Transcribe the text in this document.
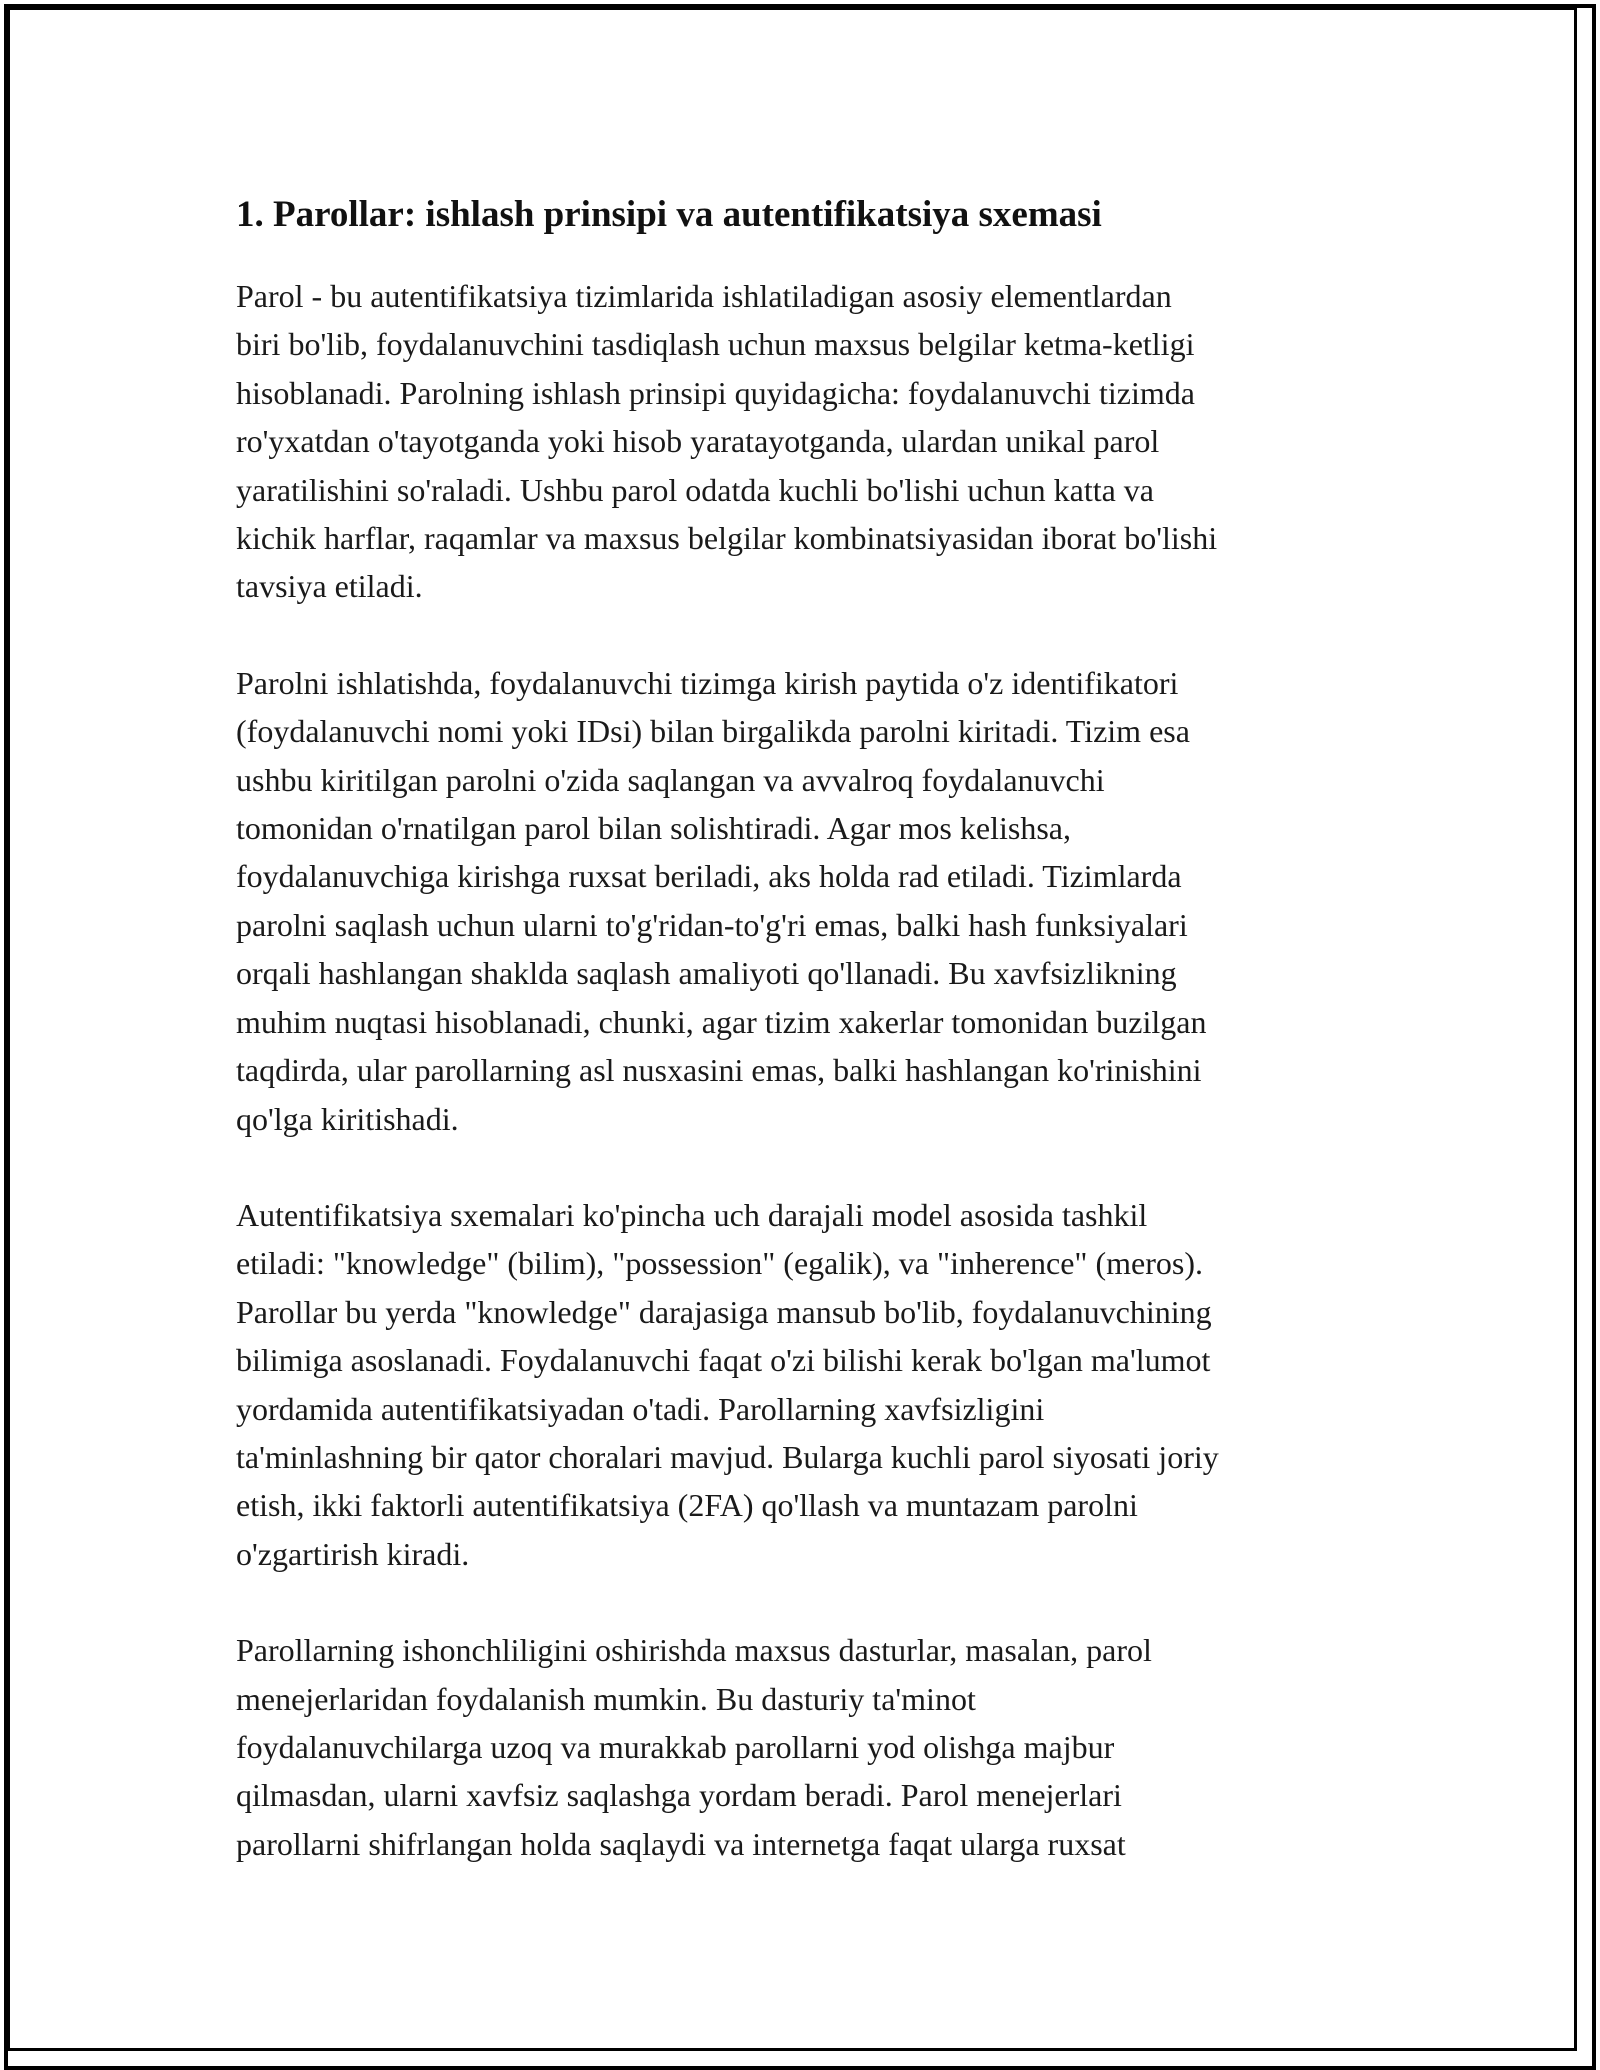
1. Parollar: ishlash prinsipi va autentifikatsiya sxemasi

Parol - bu autentifikatsiya tizimlarida ishlatiladigan asosiy elementlardan
biri bo'lib, foydalanuvchini tasdiqlash uchun maxsus belgilar ketma-ketligi
hisoblanadi. Parolning ishlash prinsipi quyidagicha: foydalanuvchi tizimda
ro'yxatdan o'tayotganda yoki hisob yaratayotganda, ulardan unikal parol
yaratilishini so'raladi. Ushbu parol odatda kuchli bo'lishi uchun katta va
kichik harflar, raqamlar va maxsus belgilar kombinatsiyasidan iborat bo'lishi
tavsiya etiladi.

Parolni ishlatishda, foydalanuvchi tizimga kirish paytida o'z identifikatori
(foydalanuvchi nomi yoki IDsi) bilan birgalikda parolni kiritadi. Tizim esa
ushbu kiritilgan parolni o'zida saqlangan va avvalroq foydalanuvchi
tomonidan o'rnatilgan parol bilan solishtiradi. Agar mos kelishsa,
foydalanuvchiga kirishga ruxsat beriladi, aks holda rad etiladi. Tizimlarda
parolni saqlash uchun ularni to'g'ridan-to'g'ri emas, balki hash funksiyalari
orqali hashlangan shaklda saqlash amaliyoti qo'llanadi. Bu xavfsizlikning
muhim nuqtasi hisoblanadi, chunki, agar tizim xakerlar tomonidan buzilgan
taqdirda, ular parollarning asl nusxasini emas, balki hashlangan ko'rinishini
qo'lga kiritishadi.

Autentifikatsiya sxemalari ko'pincha uch darajali model asosida tashkil
etiladi: "knowledge" (bilim), "possession" (egalik), va "inherence" (meros).
Parollar bu yerda "knowledge" darajasiga mansub bo'lib, foydalanuvchining
bilimiga asoslanadi. Foydalanuvchi faqat o'zi bilishi kerak bo'lgan ma'lumot
yordamida autentifikatsiyadan o'tadi. Parollarning xavfsizligini
ta'minlashning bir qator choralari mavjud. Bularga kuchli parol siyosati joriy
etish, ikki faktorli autentifikatsiya (2FA) qo'llash va muntazam parolni
o'zgartirish kiradi.

Parollarning ishonchliligini oshirishda maxsus dasturlar, masalan, parol
menejerlaridan foydalanish mumkin. Bu dasturiy ta'minot
foydalanuvchilarga uzoq va murakkab parollarni yod olishga majbur
qilmasdan, ularni xavfsiz saqlashga yordam beradi. Parol menejerlari
parollarni shifrlangan holda saqlaydi va internetga faqat ularga ruxsat
